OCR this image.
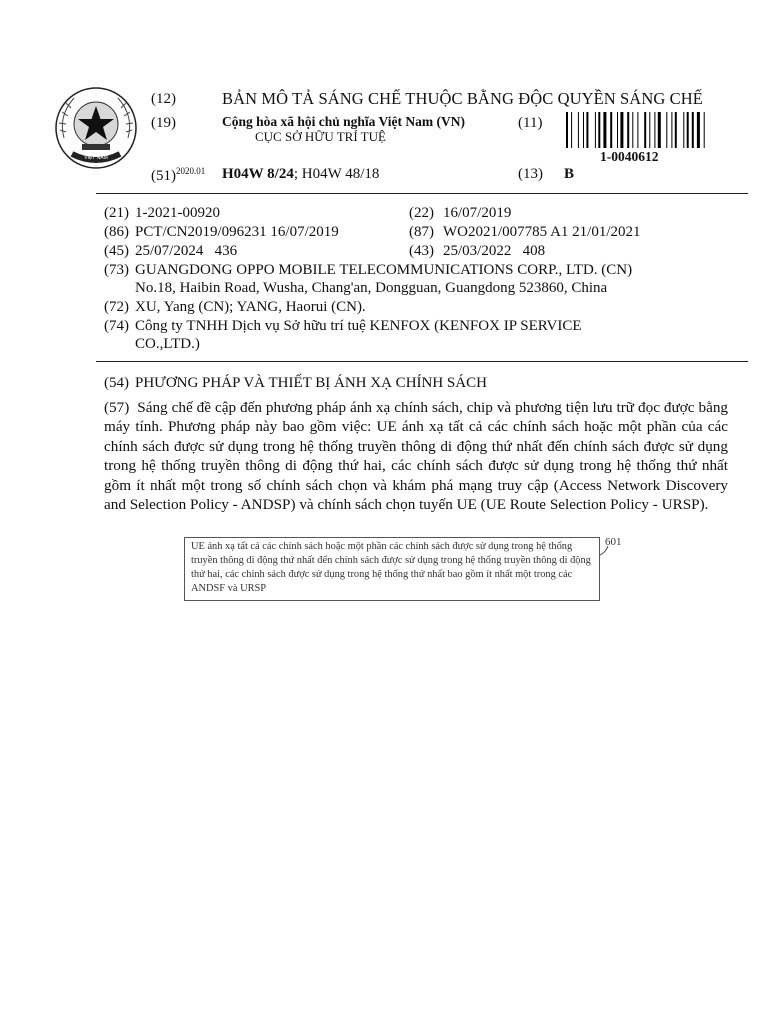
VIỆT NAM
(12)	BẢN MÔ TẢ SÁNG CHẾ THUỘC BẰNG ĐỘC QUYỀN SÁNG CHẾ
(19)	Cộng hòa xã hội chủ nghĩa Việt Nam (VN)
CỤC SỞ HỮU TRÍ TUỆ
(11)
1-0040612
$(51)^{2020.01}$ H04W 8/24; H04W 48/18	(13) B
(21) 1-2021-00920	(22) 16/07/2019
(86) PCT/CN2019/096231 16/07/2019	(87) WO2021/007785 A1 21/01/2021
(45) 25/07/2024   436	(43) 25/03/2022   408
(73) GUANGDONG OPPO MOBILE TELECOMMUNICATIONS CORP., LTD. (CN)
No.18, Haibin Road, Wusha, Chang'an, Dongguan, Guangdong 523860, China
(72) XU, Yang (CN); YANG, Haorui (CN).
(74) Công ty TNHH Dịch vụ Sở hữu trí tuệ KENFOX (KENFOX IP SERVICE
CO.,LTD.)
(54) PHƯƠNG PHÁP VÀ THIẾT BỊ ÁNH XẠ CHÍNH SÁCH
(57) Sáng chế đề cập đến phương pháp ánh xạ chính sách, chip và phương tiện lưu trữ đọc được bằng máy tính. Phương pháp này bao gồm việc: UE ánh xạ tất cả các chính sách hoặc một phần của các chính sách được sử dụng trong hệ thống truyền thông di động thứ nhất đến chính sách được sử dụng trong hệ thống truyền thông di động thứ hai, các chính sách được sử dụng trong hệ thống thứ nhất gồm ít nhất một trong số chính sách chọn và khám phá mạng truy cập (Access Network Discovery and Selection Policy - ANDSP) và chính sách chọn tuyến UE (UE Route Selection Policy - URSP).
UE ánh xạ tất cả các chính sách hoặc một phần các chính sách được sử dụng trong hệ thống truyền thông di động thứ nhất đến chính sách được sử dụng trong hệ thống truyền thông di động thứ hai, các chính sách được sử dụng trong hệ thống thứ nhất bao gồm ít nhất một trong các ANDSF và URSP
601
